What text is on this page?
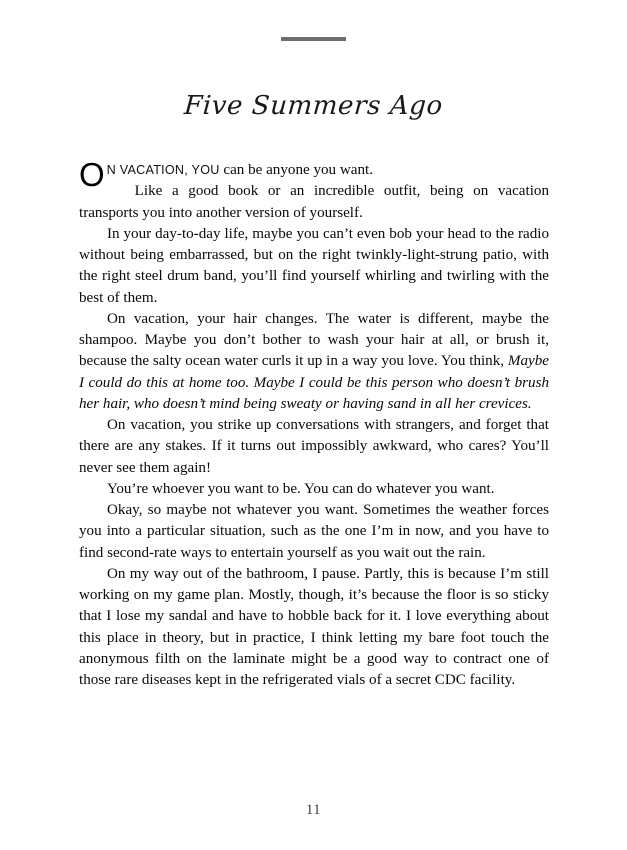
Five Summers Ago

O N VACATION, YOU can be anyone you want.

Like a good book or an incredible outfit, being on vacation transports you into another version of yourself.

In your day-to-day life, maybe you can’t even bob your head to the radio without being embarrassed, but on the right twinkly-light-strung patio, with the right steel drum band, you’ll find yourself whirling and twirling with the best of them.

On vacation, your hair changes. The water is different, maybe the shampoo. Maybe you don’t bother to wash your hair at all, or brush it, because the salty ocean water curls it up in a way you love. You think, Maybe I could do this at home too. Maybe I could be this person who doesn’t brush her hair, who doesn’t mind being sweaty or having sand in all her crevices.

On vacation, you strike up conversations with strangers, and forget that there are any stakes. If it turns out impossibly awkward, who cares? You’ll never see them again!

You’re whoever you want to be. You can do whatever you want.

Okay, so maybe not whatever you want. Sometimes the weather forces you into a particular situation, such as the one I’m in now, and you have to find second-rate ways to entertain yourself as you wait out the rain.

On my way out of the bathroom, I pause. Partly, this is because I’m still working on my game plan. Mostly, though, it’s because the floor is so sticky that I lose my sandal and have to hobble back for it. I love everything about this place in theory, but in practice, I think letting my bare foot touch the anonymous filth on the laminate might be a good way to contract one of those rare diseases kept in the refrigerated vials of a secret CDC facility.

11
